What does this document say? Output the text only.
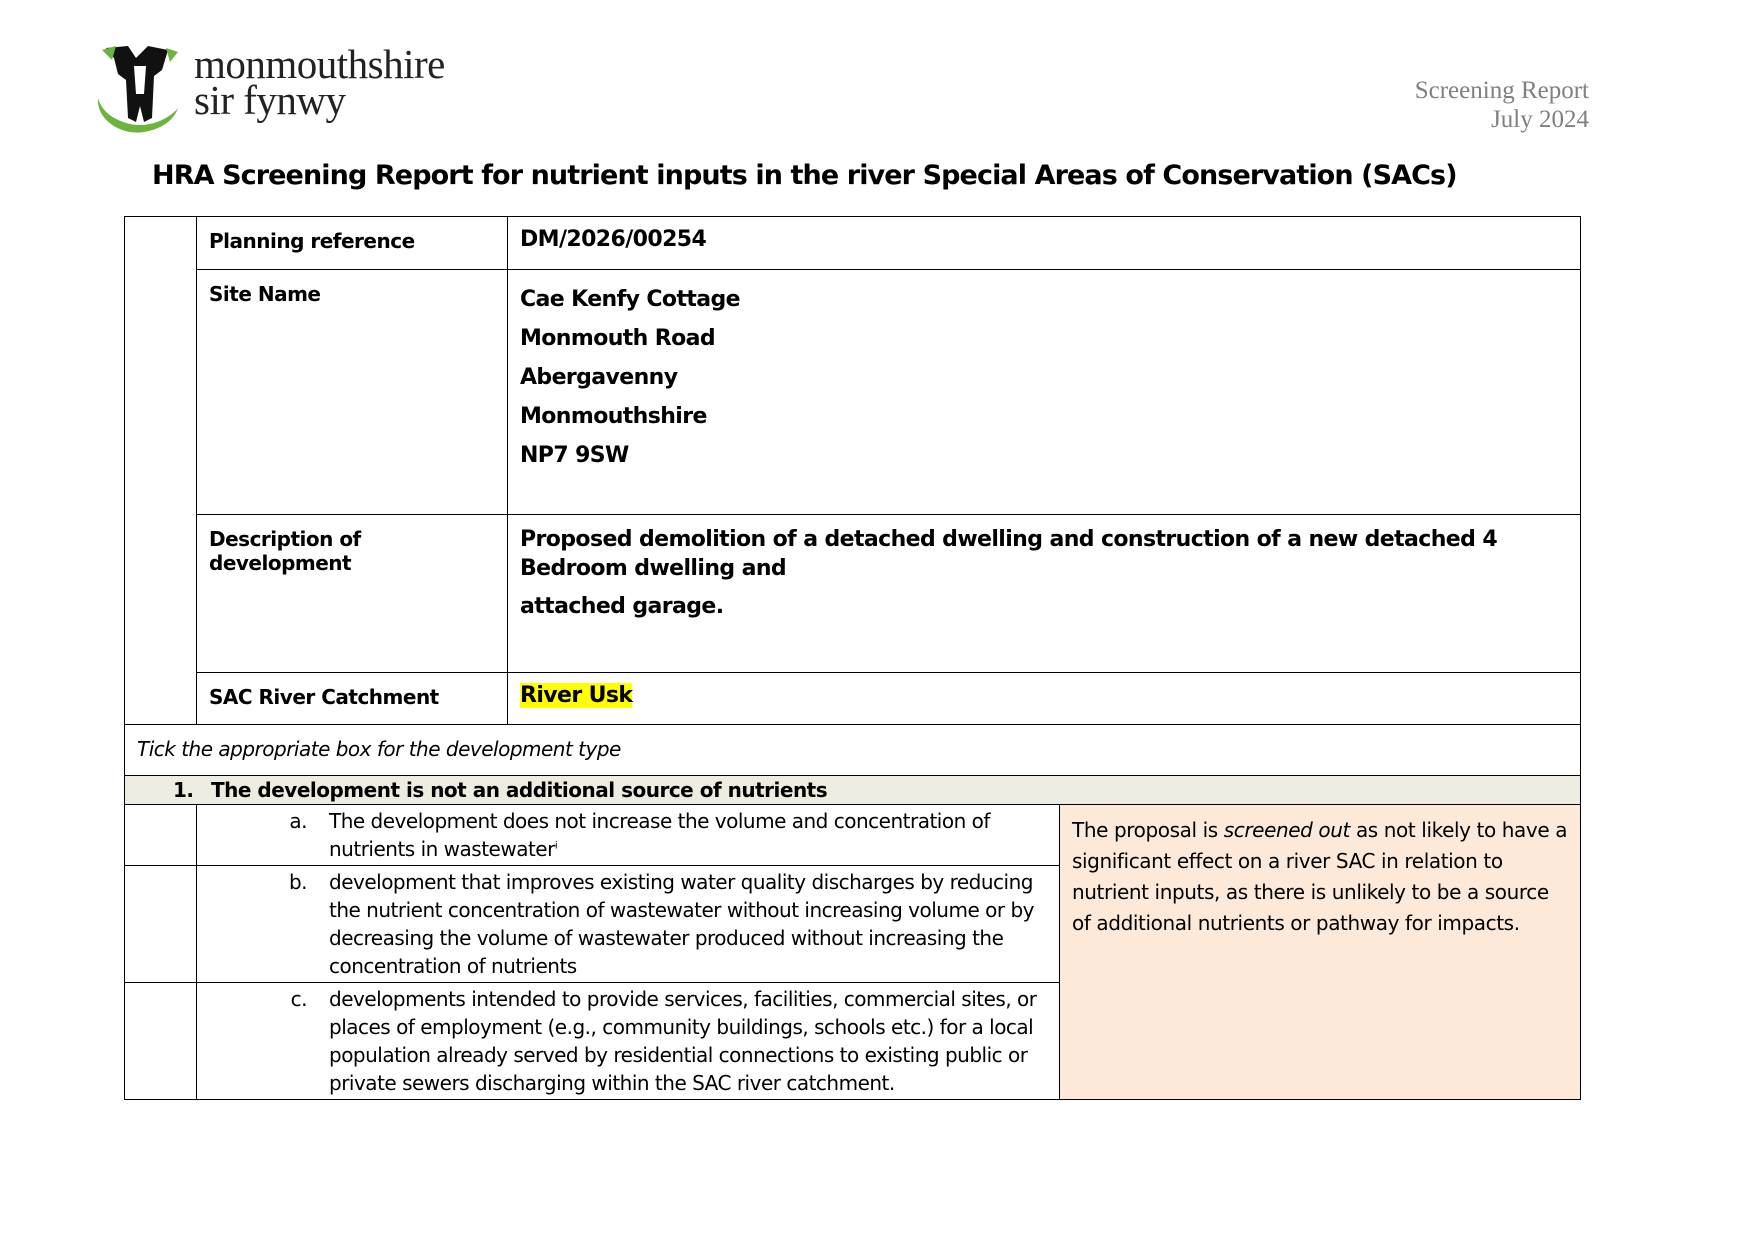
monmouthshire
sir fynwy	Screening Report
July 2024
HRA Screening Report for nutrient inputs in the river Special Areas of Conservation (SACs)
	Planning reference	DM/2026/00254	
	Site Name	Cae Kenfy Cottage
Monmouth Road
Abergavenny
Monmouthshire
NP7 9SW	

	Description of development	Proposed demolition of a detached dwelling and construction of a new detached 4 Bedroom dwelling and
attached garage.	

	SAC River Catchment	River Usk	
Tick the appropriate box for the development type			
1. The development is not an additional source of nutrients			

	a. The development does not increase the volume and concentration of nutrients in wastewater$^i$		The proposal is screened out as not likely to have a significant effect on a river SAC in relation to nutrient inputs, as there is unlikely to be a source of additional nutrients or pathway for impacts.

	b. development that improves existing water quality discharges by reducing the nutrient concentration of wastewater without increasing volume or by decreasing the volume of wastewater produced without increasing the concentration of nutrients		

	c. developments intended to provide services, facilities, commercial sites, or places of employment (e.g., community buildings, schools etc.) for a local population already served by residential connections to existing public or private sewers discharging within the SAC river catchment.		
